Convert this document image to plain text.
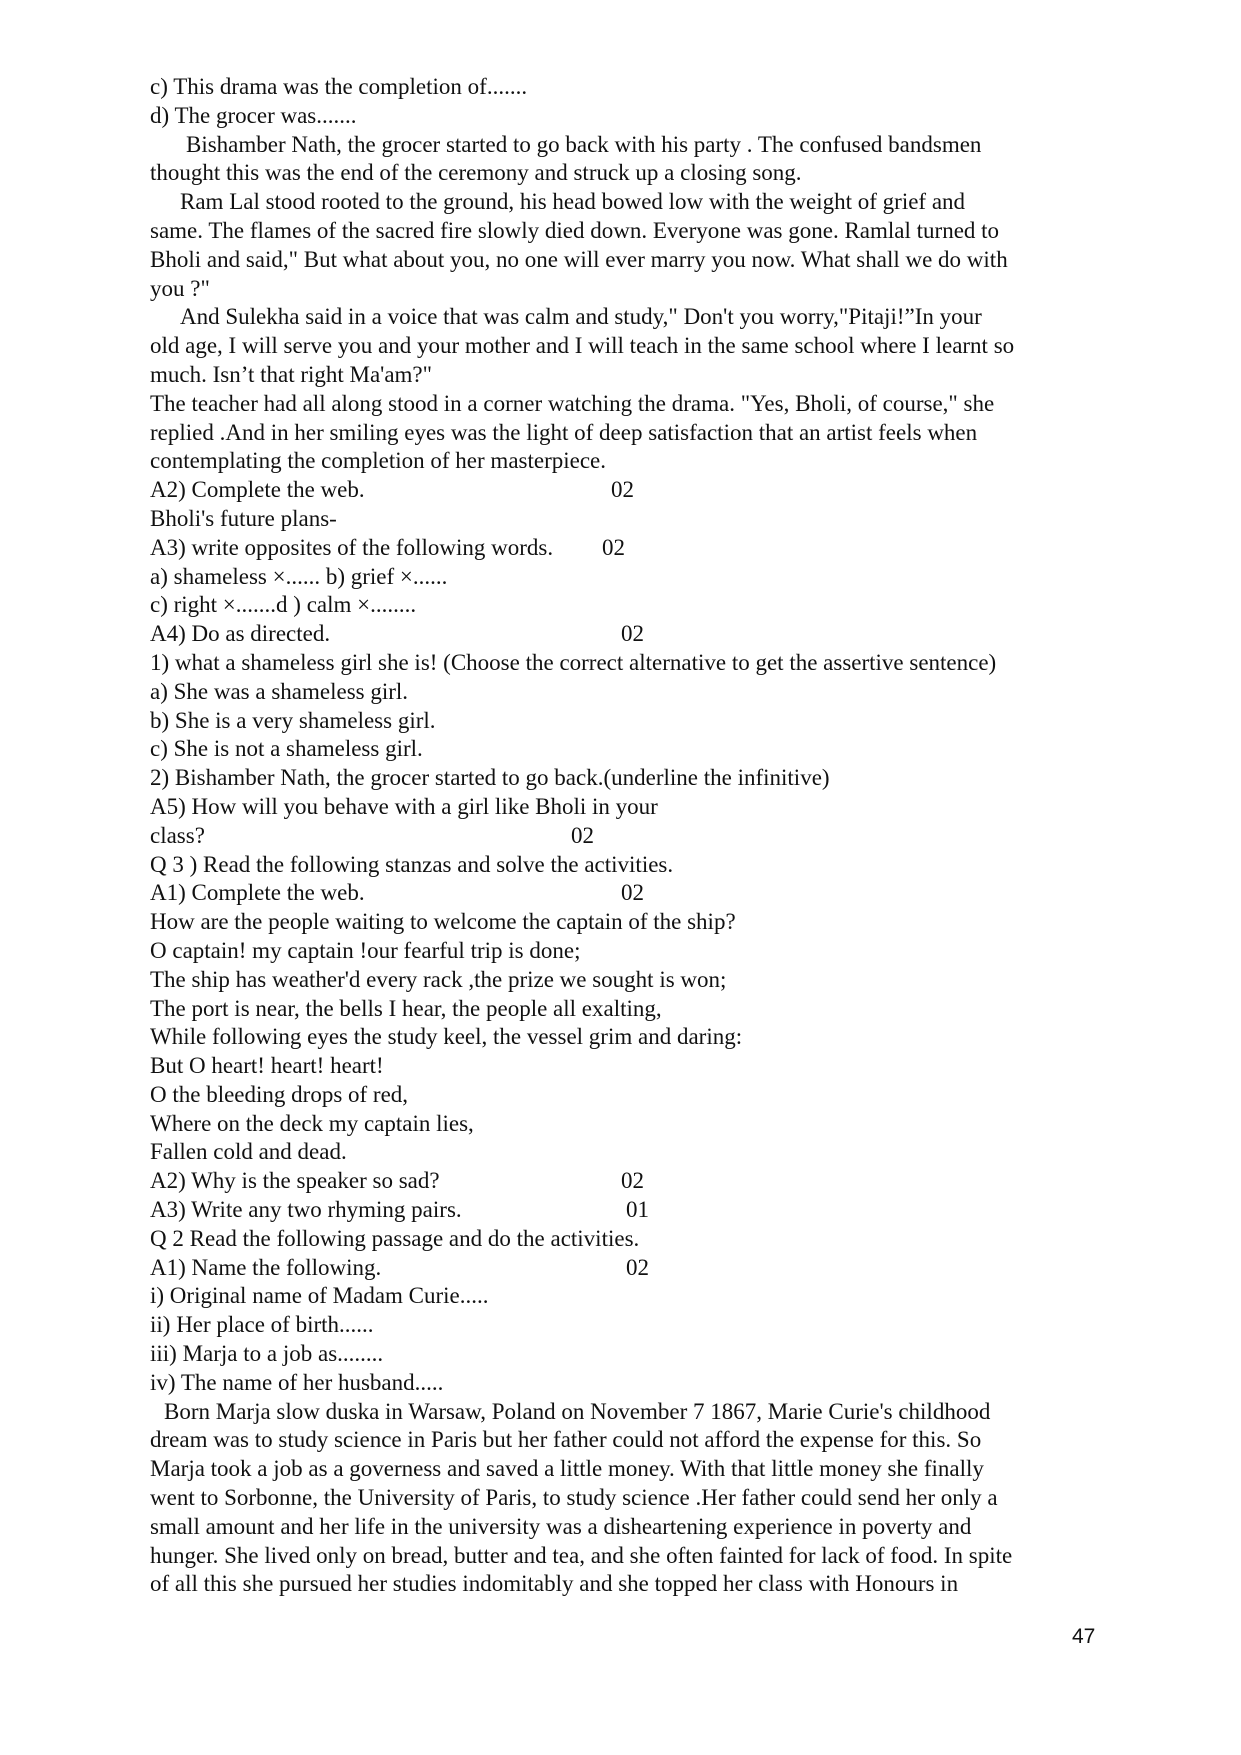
c) This drama was the completion of.......
d) The grocer was.......
Bishamber Nath, the grocer started to go back with his party . The confused bandsmen
thought this was the end of the ceremony and struck up a closing song.
Ram Lal stood rooted to the ground, his head bowed low with the weight of grief and
same. The flames of the sacred fire slowly died down. Everyone was gone. Ramlal turned to
Bholi and said," But what about you, no one will ever marry you now. What shall we do with
you ?"
And Sulekha said in a voice that was calm and study," Don't you worry,"Pitaji!”In your
old age, I will serve you and your mother and I will teach in the same school where I learnt so
much. Isn’t that right Ma'am?"
The teacher had all along stood in a corner watching the drama. "Yes, Bholi, of course," she
replied .And in her smiling eyes was the light of deep satisfaction that an artist feels when
contemplating the completion of her masterpiece.
A2) Complete the web.	02
Bholi's future plans-
A3) write opposites of the following words. 02
a) shameless ×...... b) grief ×......
c) right ×.......d ) calm ×........
A4) Do as directed.	02
1) what a shameless girl she is! (Choose the correct alternative to get the assertive sentence)
a) She was a shameless girl.
b) She is a very shameless girl.
c) She is not a shameless girl.
2) Bishamber Nath, the grocer started to go back.(underline the infinitive)
A5) How will you behave with a girl like Bholi in your
class?	02
Q 3 ) Read the following stanzas and solve the activities.
A1) Complete the web.	02
How are the people waiting to welcome the captain of the ship?
O captain! my captain !our fearful trip is done;
The ship has weather'd every rack ,the prize we sought is won;
The port is near, the bells I hear, the people all exalting,
While following eyes the study keel, the vessel grim and daring:
But O heart! heart! heart!
O the bleeding drops of red,
Where on the deck my captain lies,
Fallen cold and dead.
A2) Why is the speaker so sad?	02
A3) Write any two rhyming pairs.	01
Q 2 Read the following passage and do the activities.
A1) Name the following.	02
i) Original name of Madam Curie.....
ii) Her place of birth......
iii) Marja to a job as........
iv) The name of her husband.....
Born Marja slow duska in Warsaw, Poland on November 7 1867, Marie Curie's childhood
dream was to study science in Paris but her father could not afford the expense for this. So
Marja took a job as a governess and saved a little money. With that little money she finally
went to Sorbonne, the University of Paris, to study science .Her father could send her only a
small amount and her life in the university was a disheartening experience in poverty and
hunger. She lived only on bread, butter and tea, and she often fainted for lack of food. In spite
of all this she pursued her studies indomitably and she topped her class with Honours in
47
